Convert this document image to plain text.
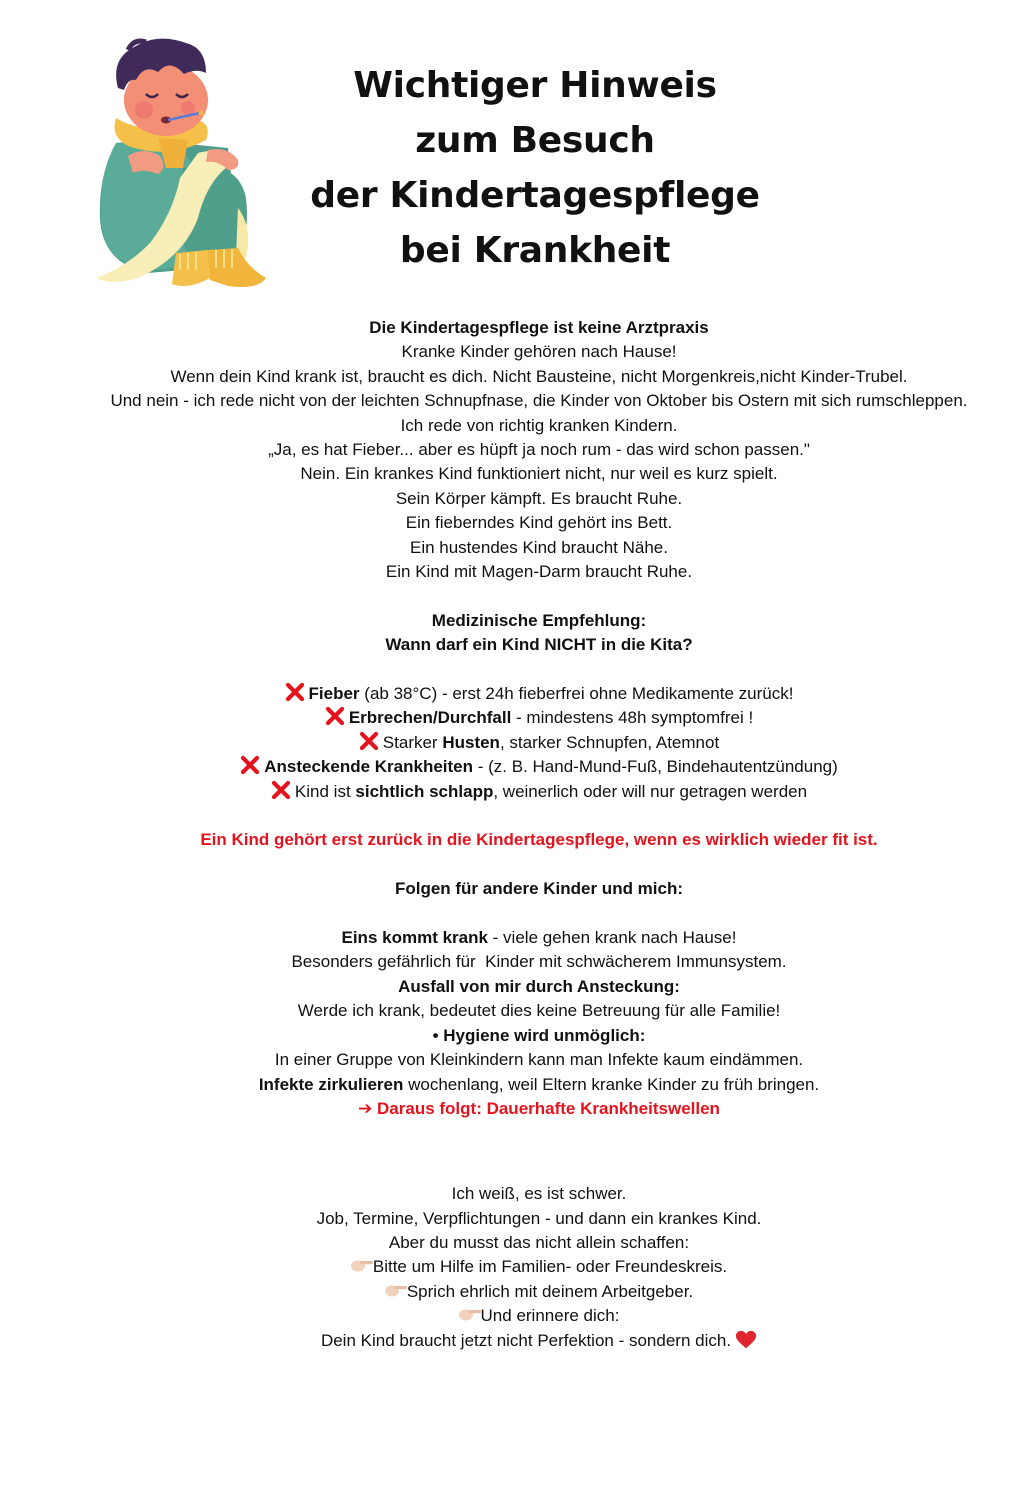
Wichtiger Hinweis
zum Besuch
der Kindertagespflege
bei Krankheit
Die Kindertagespflege ist keine Arztpraxis
Kranke Kinder gehören nach Hause!
Wenn dein Kind krank ist, braucht es dich. Nicht Bausteine, nicht Morgenkreis,nicht Kinder-Trubel.
Und nein - ich rede nicht von der leichten Schnupfnase, die Kinder von Oktober bis Ostern mit sich rumschleppen.
Ich rede von richtig kranken Kindern.
„Ja, es hat Fieber... aber es hüpft ja noch rum - das wird schon passen."
Nein. Ein krankes Kind funktioniert nicht, nur weil es kurz spielt.
Sein Körper kämpft. Es braucht Ruhe.
Ein fieberndes Kind gehört ins Bett.
Ein hustendes Kind braucht Nähe.
Ein Kind mit Magen-Darm braucht Ruhe.
Medizinische Empfehlung:
Wann darf ein Kind NICHT in die Kita?
Fieber (ab 38°C) - erst 24h fieberfrei ohne Medikamente zurück!
Erbrechen/Durchfall - mindestens 48h symptomfrei !
Starker Husten, starker Schnupfen, Atemnot
Ansteckende Krankheiten - (z. B. Hand-Mund-Fuß, Bindehautentzündung)
Kind ist sichtlich schlapp, weinerlich oder will nur getragen werden
Ein Kind gehört erst zurück in die Kindertagespflege, wenn es wirklich wieder fit ist.
Folgen für andere Kinder und mich:
Eins kommt krank - viele gehen krank nach Hause!
Besonders gefährlich für  Kinder mit schwächerem Immunsystem.
Ausfall von mir durch Ansteckung:
Werde ich krank, bedeutet dies keine Betreuung für alle Familie!
• Hygiene wird unmöglich:
In einer Gruppe von Kleinkindern kann man Infekte kaum eindämmen.
Infekte zirkulieren wochenlang, weil Eltern kranke Kinder zu früh bringen.
➔ Daraus folgt: Dauerhafte Krankheitswellen
Ich weiß, es ist schwer.
Job, Termine, Verpflichtungen - und dann ein krankes Kind.
Aber du musst das nicht allein schaffen:
Bitte um Hilfe im Familien- oder Freundeskreis.
Sprich ehrlich mit deinem Arbeitgeber.
Und erinnere dich:
Dein Kind braucht jetzt nicht Perfektion - sondern dich.
